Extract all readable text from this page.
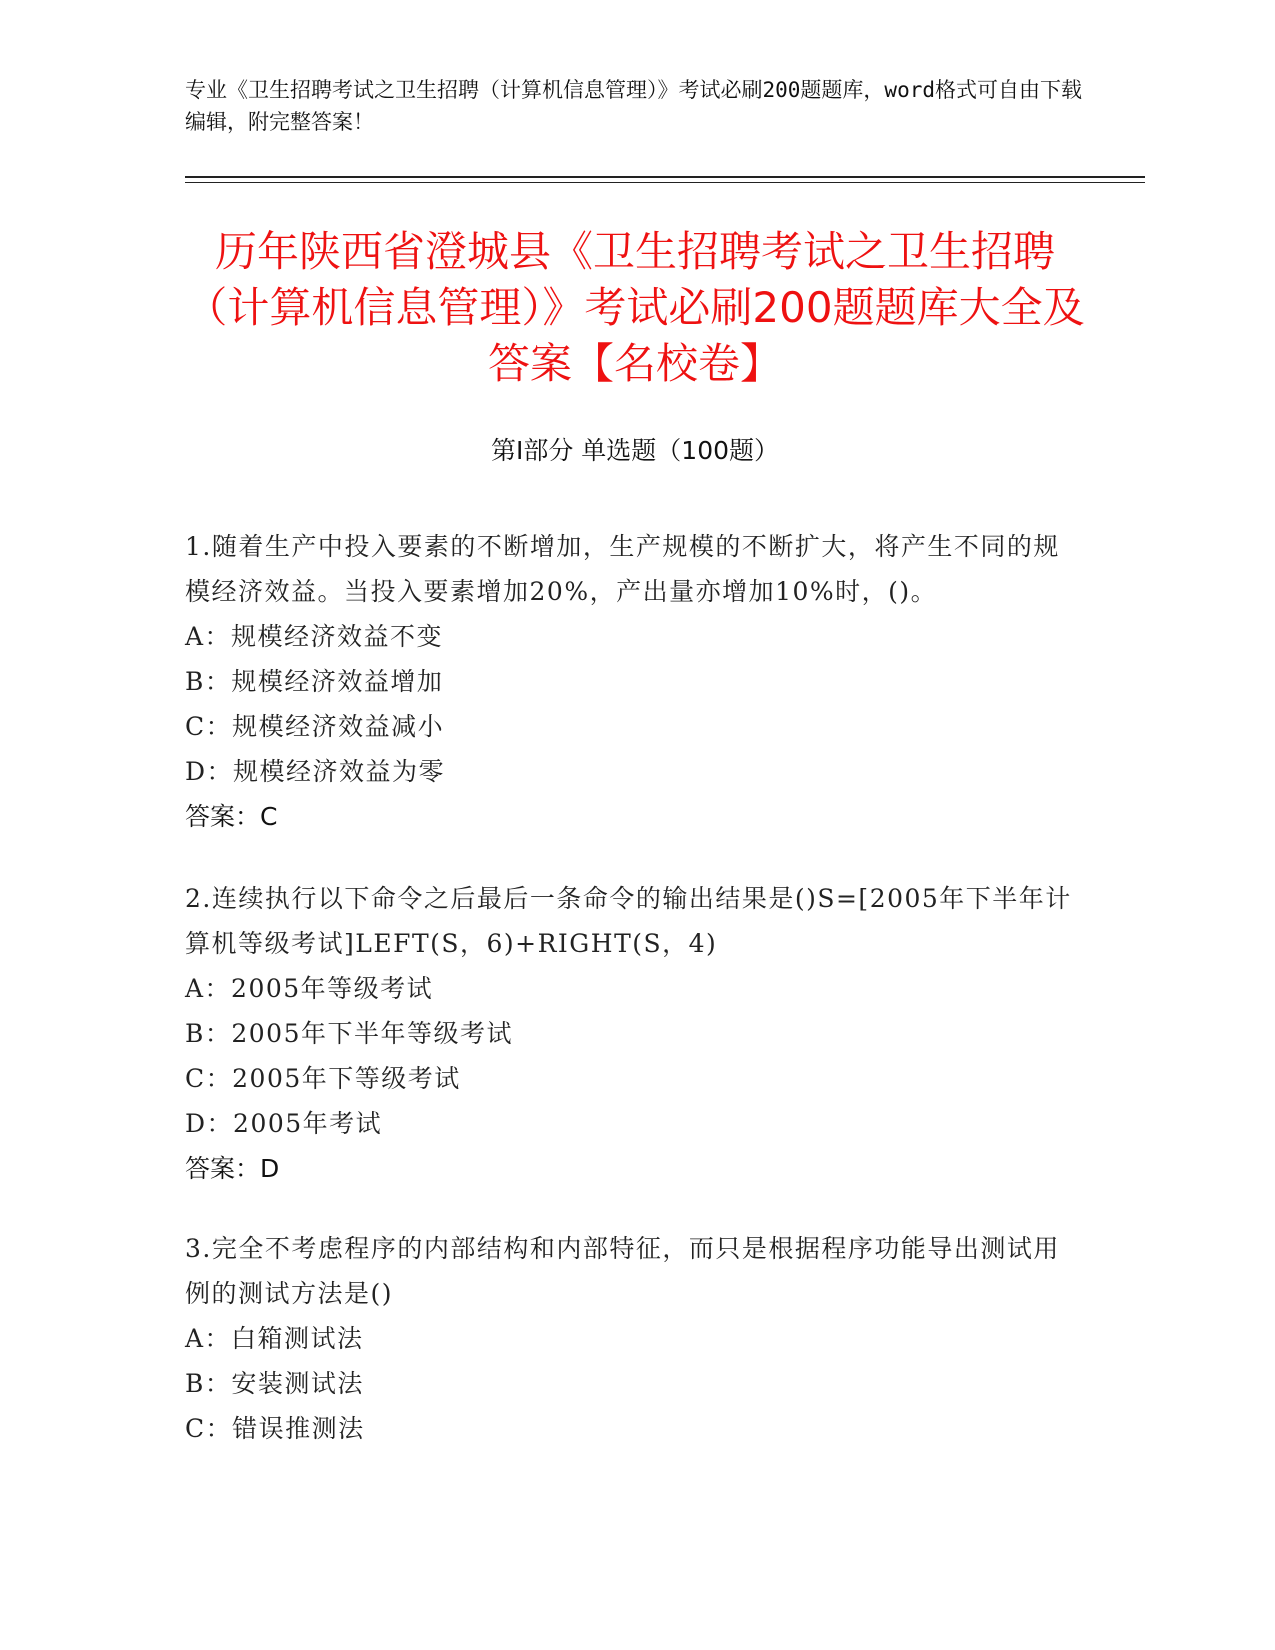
专业《卫生招聘考试之卫生招聘（计算机信息管理）》考试必刷200题题库，word格式可自由下载编辑，附完整答案！
历年陕西省澄城县《卫生招聘考试之卫生招聘（计算机信息管理）》考试必刷200题题库大全及答案【名校卷】
第Ⅰ部分 单选题（100题）

1.随着生产中投入要素的不断增加，生产规模的不断扩大，将产生不同的规模经济效益。当投入要素增加20%，产出量亦增加10%时，()。

A：规模经济效益不变

B：规模经济效益增加

C：规模经济效益减小

D：规模经济效益为零

答案：C

2.连续执行以下命令之后最后一条命令的输出结果是()S=[2005年下半年计算机等级考试]LEFT(S，6)+RIGHT(S，4)

A：2005年等级考试

B：2005年下半年等级考试

C：2005年下等级考试

D：2005年考试

答案：D

3.完全不考虑程序的内部结构和内部特征，而只是根据程序功能导出测试用例的测试方法是()

A：白箱测试法

B：安装测试法

C：错误推测法
